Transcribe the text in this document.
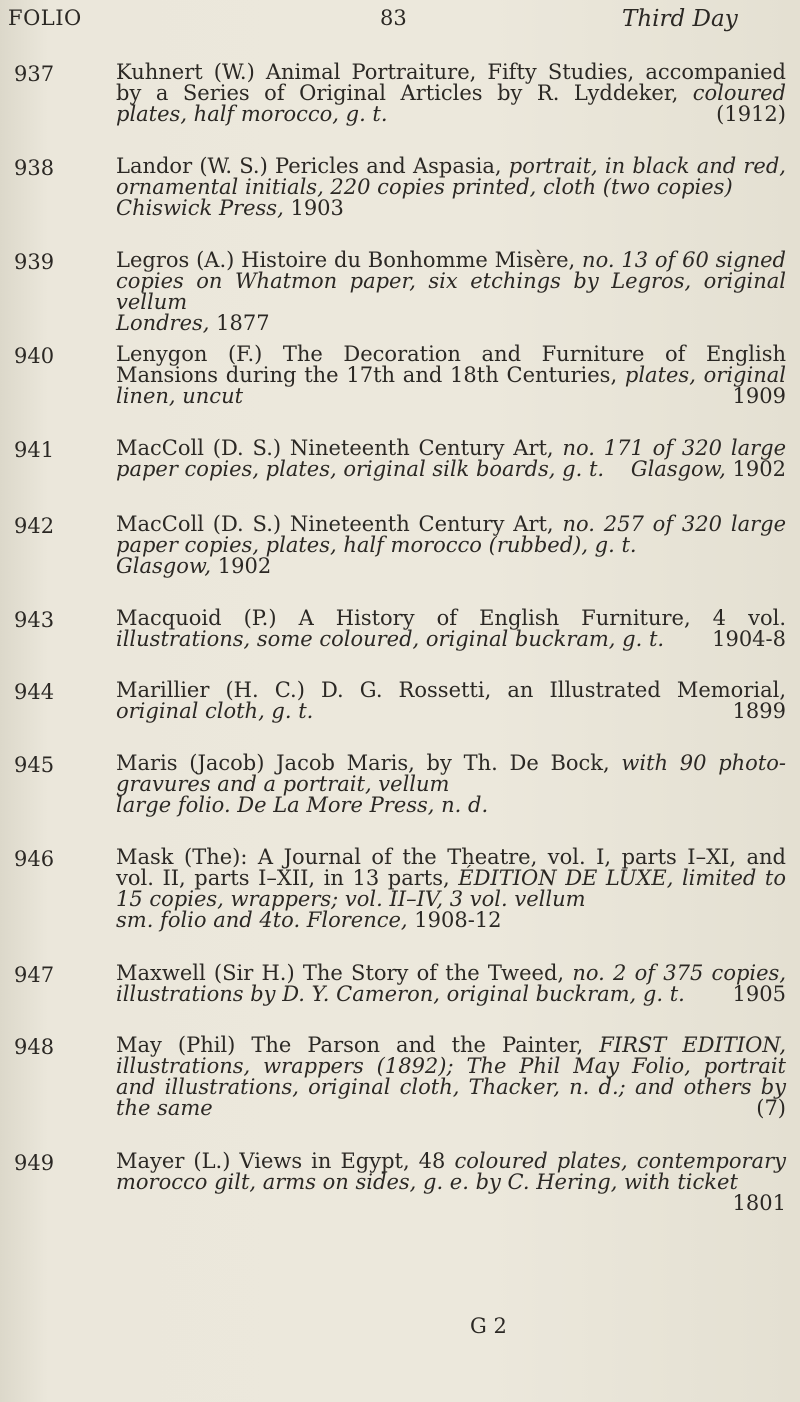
FOLIO	83	Third Day
937	Kuhnert (W.) Animal Portraiture, Fifty Studies, accompanied by a Series of Original Articles by R. Lyddeker, coloured plates, half morocco, g. t.	(1912)
938	Landor (W. S.) Pericles and Aspasia, portrait, in black and red, ornamental initials, 220 copies printed, cloth (two copies)
Chiswick Press, 1903
939	Legros (A.) Histoire du Bonhomme Misère, no. 13 of 60 signed copies on Whatmon paper, six etchings by Legros, original vellum
Londres, 1877
940	Lenygon (F.) The Decoration and Furniture of English Mansions during the 17th and 18th Centuries, plates, original linen, uncut	1909
941	MacColl (D. S.) Nineteenth Century Art, no. 171 of 320 large paper copies, plates, original silk boards, g. t. Glasgow, 1902
942	MacColl (D. S.) Nineteenth Century Art, no. 257 of 320 large paper copies, plates, half morocco (rubbed), g. t.
Glasgow, 1902
943	Macquoid (P.) A History of English Furniture, 4 vol. illustrations, some coloured, original buckram, g. t. 1904-8
944	Marillier (H. C.) D. G. Rossetti, an Illustrated Memorial, original cloth, g. t.	1899
945	Maris (Jacob) Jacob Maris, by Th. De Bock, with 90 photo-gravures and a portrait, vellum
large folio. De La More Press, n. d.
946	Mask (The): A Journal of the Theatre, vol. I, parts I–XI, and vol. II, parts I–XII, in 13 parts, ÉDITION DE LUXE, limited to 15 copies, wrappers; vol. II–IV, 3 vol. vellum
sm. folio and 4to. Florence, 1908-12
947	Maxwell (Sir H.) The Story of the Tweed, no. 2 of 375 copies, illustrations by D. Y. Cameron, original buckram, g. t. 1905
948	May (Phil) The Parson and the Painter, FIRST EDITION, illustrations, wrappers (1892); The Phil May Folio, portrait and illustrations, original cloth, Thacker, n. d.; and others by the same	(7)
949	Mayer (L.) Views in Egypt, 48 coloured plates, contemporary morocco gilt, arms on sides, g. e. by C. Hering, with ticket
1801
G 2
